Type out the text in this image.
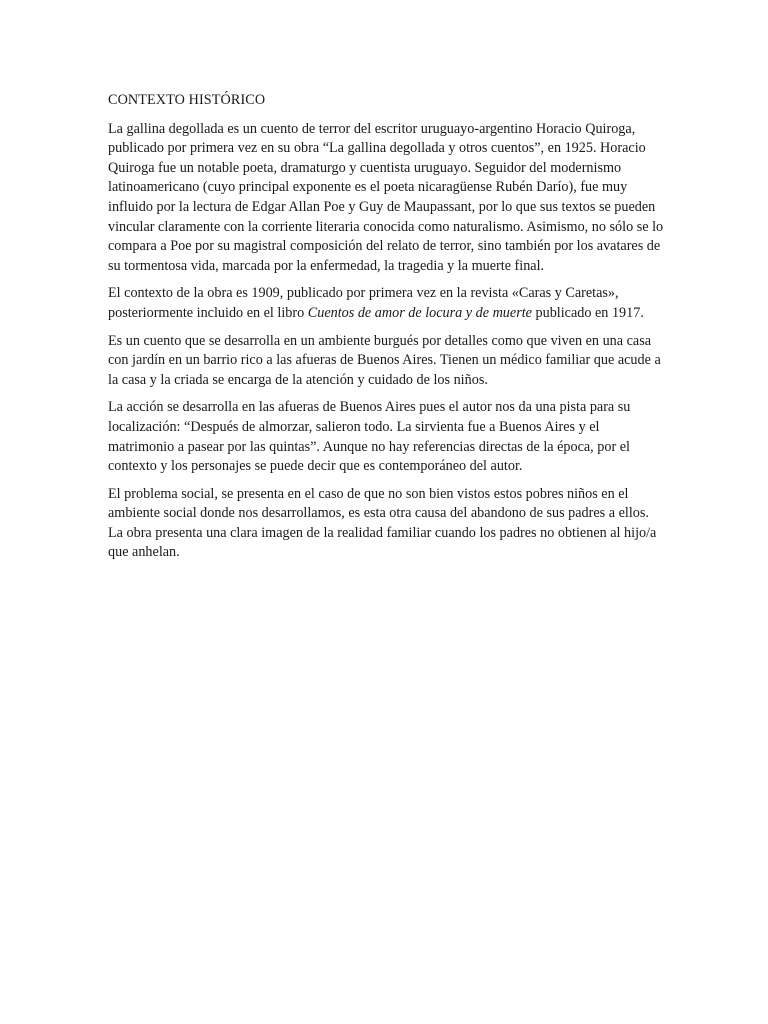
CONTEXTO HISTÓRICO

La gallina degollada es un cuento de terror del escritor uruguayo-argentino Horacio Quiroga, publicado por primera vez en su obra “La gallina degollada y otros cuentos”, en 1925. Horacio Quiroga fue un notable poeta, dramaturgo y cuentista uruguayo. Seguidor del modernismo latinoamericano (cuyo principal exponente es el poeta nicaragüense Rubén Darío), fue muy influido por la lectura de Edgar Allan Poe y Guy de Maupassant, por lo que sus textos se pueden vincular claramente con la corriente literaria conocida como naturalismo. Asimismo, no sólo se lo compara a Poe por su magistral composición del relato de terror, sino también por los avatares de su tormentosa vida, marcada por la enfermedad, la tragedia y la muerte final.

El contexto de la obra es 1909, publicado por primera vez en la revista «Caras y Caretas», posteriormente incluido en el libro Cuentos de amor de locura y de muerte publicado en 1917.

Es un cuento que se desarrolla en un ambiente burgués por detalles como que viven en una casa con jardín en un barrio rico a las afueras de Buenos Aires. Tienen un médico familiar que acude a la casa y la criada se encarga de la atención y cuidado de los niños.

La acción se desarrolla en las afueras de Buenos Aires pues el autor nos da una pista para su localización: “Después de almorzar, salieron todo. La sirvienta fue a Buenos Aires y el matrimonio a pasear por las quintas”. Aunque no hay referencias directas de la época, por el contexto y los personajes se puede decir que es contemporáneo del autor.

El problema social, se presenta en el caso de que no son bien vistos estos pobres niños en el ambiente social donde nos desarrollamos, es esta otra causa del abandono de sus padres a ellos. La obra presenta una clara imagen de la realidad familiar cuando los padres no obtienen al hijo/a que anhelan.
